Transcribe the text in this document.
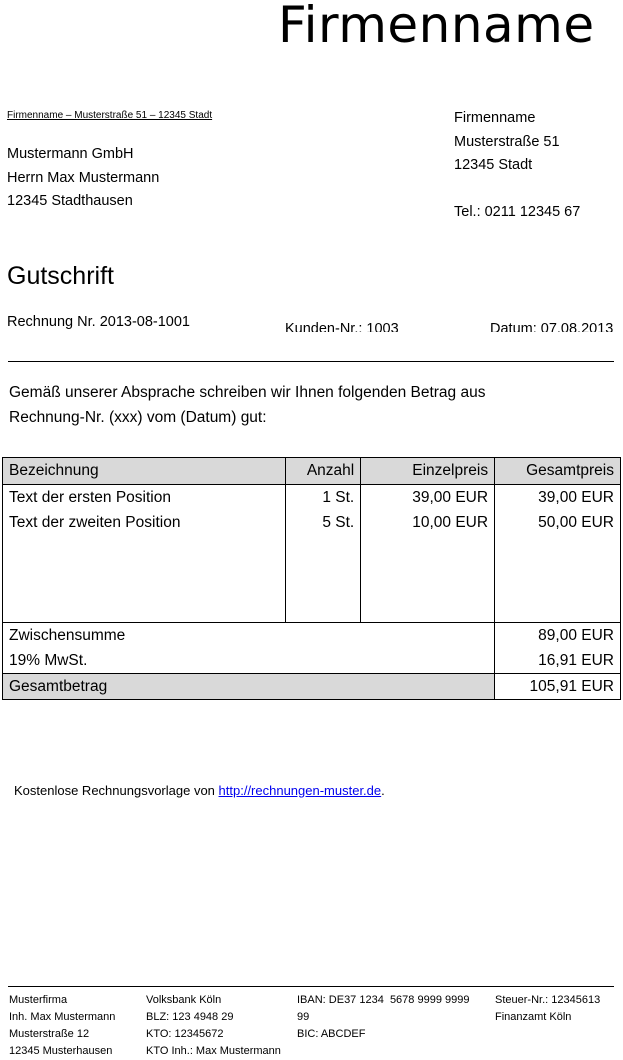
Firmenname
Firmenname – Musterstraße 51 – 12345 Stadt
Mustermann GmbH
Herrn Max Mustermann
12345 Stadthausen
Firmenname
Musterstraße 51
12345 Stadt
Tel.: 0211 12345 67
Gutschrift
Rechnung Nr. 2013-08-1001	Kunden-Nr.: 1003	Datum: 07.08.2013
Gemäß unserer Absprache schreiben wir Ihnen folgenden Betrag aus
Rechnung-Nr. (xxx) vom (Datum) gut:
Bezeichnung	Anzahl	Einzelpreis	Gesamtpreis
Text der ersten Position	1 St.	39,00 EUR	39,00 EUR
Text der zweiten Position	5 St.	10,00 EUR	50,00 EUR

Zwischensumme			89,00 EUR
19% MwSt.			16,91 EUR
Gesamtbetrag			105,91 EUR
Kostenlose Rechnungsvorlage von http://rechnungen-muster.de.
Musterfirma
Inh. Max Mustermann
Musterstraße 12
12345 Musterhausen
Volksbank Köln
BLZ: 123 4948 29
KTO: 12345672
KTO Inh.: Max Mustermann
IBAN: DE37 1234  5678 9999 9999
99
BIC: ABCDEF
Steuer-Nr.: 12345613
Finanzamt Köln
